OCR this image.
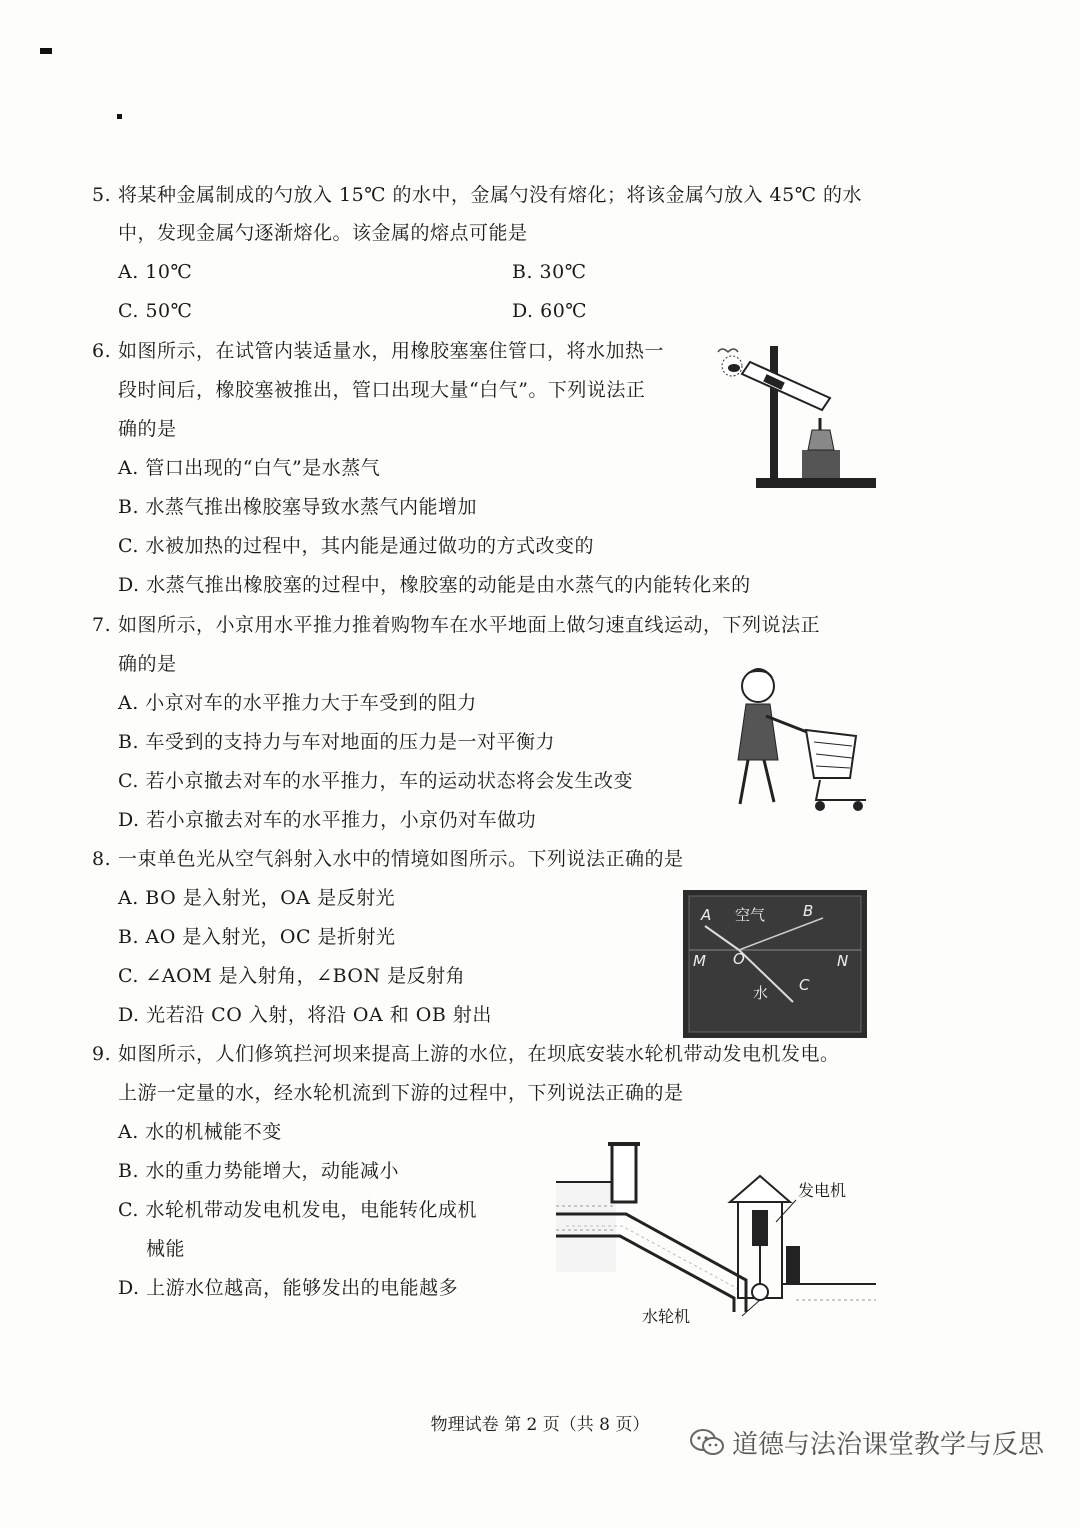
5. 将某种金属制成的勺放入 15℃ 的水中，金属勺没有熔化；将该金属勺放入 45℃ 的水
中，发现金属勺逐渐熔化。该金属的熔点可能是
A. 10℃	B. 30℃
C. 50℃	D. 60℃
6. 如图所示，在试管内装适量水，用橡胶塞塞住管口，将水加热一
段时间后，橡胶塞被推出，管口出现大量“白气”。下列说法正
确的是
A. 管口出现的“白气”是水蒸气
B. 水蒸气推出橡胶塞导致水蒸气内能增加
C. 水被加热的过程中，其内能是通过做功的方式改变的
D. 水蒸气推出橡胶塞的过程中，橡胶塞的动能是由水蒸气的内能转化来的
7. 如图所示，小京用水平推力推着购物车在水平地面上做匀速直线运动，下列说法正
确的是
A. 小京对车的水平推力大于车受到的阻力
B. 车受到的支持力与车对地面的压力是一对平衡力
C. 若小京撤去对车的水平推力，车的运动状态将会发生改变
D. 若小京撤去对车的水平推力，小京仍对车做功
8. 一束单色光从空气斜射入水中的情境如图所示。下列说法正确的是
A. BO 是入射光，OA 是反射光
B. AO 是入射光，OC 是折射光
C. ∠AOM 是入射角，∠BON 是反射角
D. 光若沿 CO 入射，将沿 OA 和 OB 射出
A 空气	B
M O	N
水 C
9. 如图所示，人们修筑拦河坝来提高上游的水位，在坝底安装水轮机带动发电机发电。
上游一定量的水，经水轮机流到下游的过程中，下列说法正确的是
A. 水的机械能不变
B. 水的重力势能增大，动能减小
C. 水轮机带动发电机发电，电能转化成机
械能
D. 上游水位越高，能够发出的电能越多
发电机
水轮机
物理试卷 第 2 页（共 8 页）
道德与法治课堂教学与反思
